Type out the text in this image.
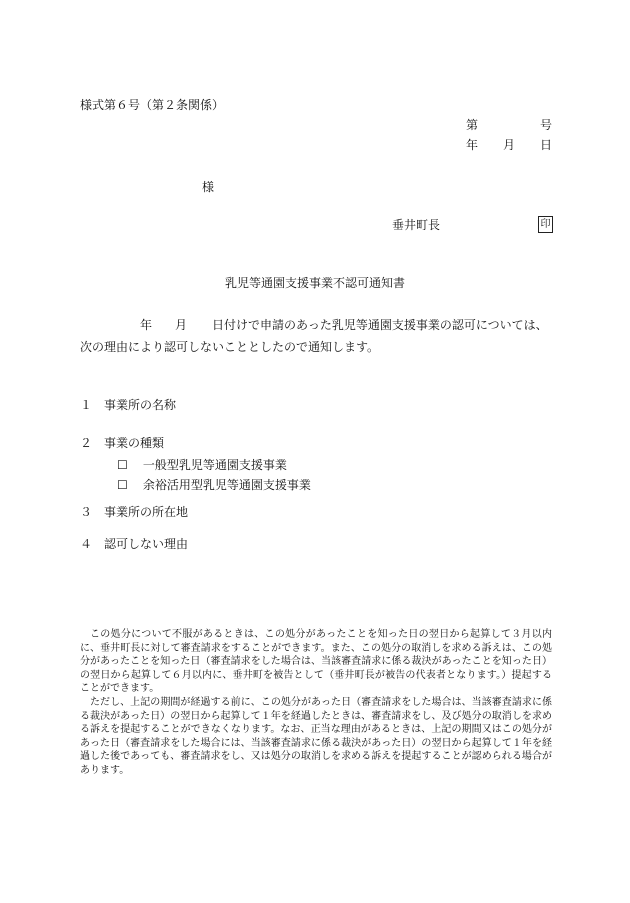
様式第６号（第２条関係）
第	号
年 月 日
様
垂井町長	印
乳児等通園支援事業不認可通知書
年 月 日付けで申請のあった乳児等通園支援事業の認可については、
次の理由により認可しないこととしたので通知します。
１ 事業所の名称
２ 事業の種類
☐ 一般型乳児等通園支援事業
☐ 余裕活用型乳児等通園支援事業
３ 事業所の所在地
４ 認可しない理由

この処分について不服があるときは、この処分があったことを知った日の翌日から起算して３月以内に、垂井町長に対して審査請求をすることができます。また、この処分の取消しを求める訴えは、この処分があったことを知った日（審査請求をした場合は、当該審査請求に係る裁決があったことを知った日）の翌日から起算して６月以内に、垂井町を被告として（垂井町長が被告の代表者となります。）提起することができます。

ただし、上記の期間が経過する前に、この処分があった日（審査請求をした場合は、当該審査請求に係る裁決があった日）の翌日から起算して１年を経過したときは、審査請求をし、及び処分の取消しを求める訴えを提起することができなくなります。なお、正当な理由があるときは、上記の期間又はこの処分があった日（審査請求をした場合には、当該審査請求に係る裁決があった日）の翌日から起算して１年を経過した後であっても、審査請求をし、又は処分の取消しを求める訴えを提起することが認められる場合があります。
